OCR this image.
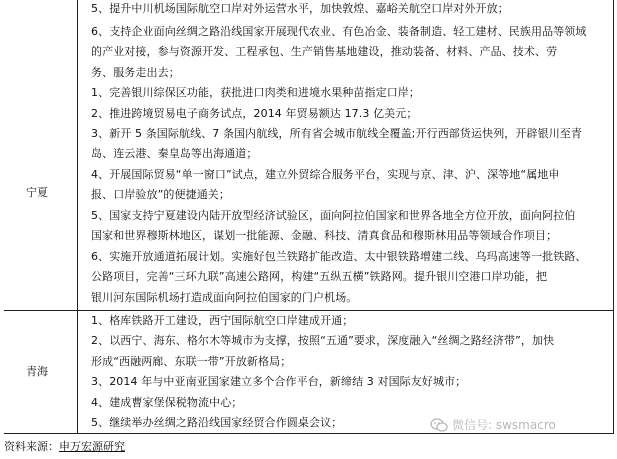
宁夏
青海
5、提升中川机场国际航空口岸对外运营水平，加快敦煌、嘉峪关航空口岸对外开放；
6、支持企业面向丝绸之路沿线国家开展现代农业、有色冶金、装备制造、轻工建材、民族用品等领域
的产业对接，参与资源开发、工程承包、生产销售基地建设，推动装备、材料、产品、技术、劳
务、服务走出去；
1、完善银川综保区功能，获批进口肉类和进境水果种苗指定口岸；
2、推进跨境贸易电子商务试点，2014 年贸易额达 17.3 亿美元；
3、新开 5 条国际航线、7 条国内航线，所有省会城市航线全覆盖;开行西部货运快列，开辟银川至青
岛、连云港、秦皇岛等出海通道；
4、开展国际贸易“单一窗口”试点，建立外贸综合服务平台，实现与京、津、沪、深等地“属地申
报、口岸验放”的便捷通关；
5、国家支持宁夏建设内陆开放型经济试验区，面向阿拉伯国家和世界各地全方位开放，面向阿拉伯
国家和世界穆斯林地区，谋划一批能源、金融、科技、清真食品和穆斯林用品等领域合作项目；
6、实施开放通道拓展计划。实施好包兰铁路扩能改造、太中银铁路增建二线、乌玛高速等一批铁路、
公路项目，完善“三环九联”高速公路网，构建“五纵五横”铁路网。提升银川空港口岸功能，把
银川河东国际机场打造成面向阿拉伯国家的门户机场。
1、格库铁路开工建设，西宁国际航空口岸建成开通；
2、以西宁、海东、格尔木等城市为支撑，按照“五通”要求，深度融入“丝绸之路经济带”，加快
形成“西融两廊、东联一带”开放新格局；
3、2014 年与中亚南亚国家建立多个合作平台，新缔结 3 对国际友好城市；
4、建成曹家堡保税物流中心；
5、继续举办丝绸之路沿线国家经贸合作圆桌会议；	微信号: swsmacro
资料来源：申万宏源研究
